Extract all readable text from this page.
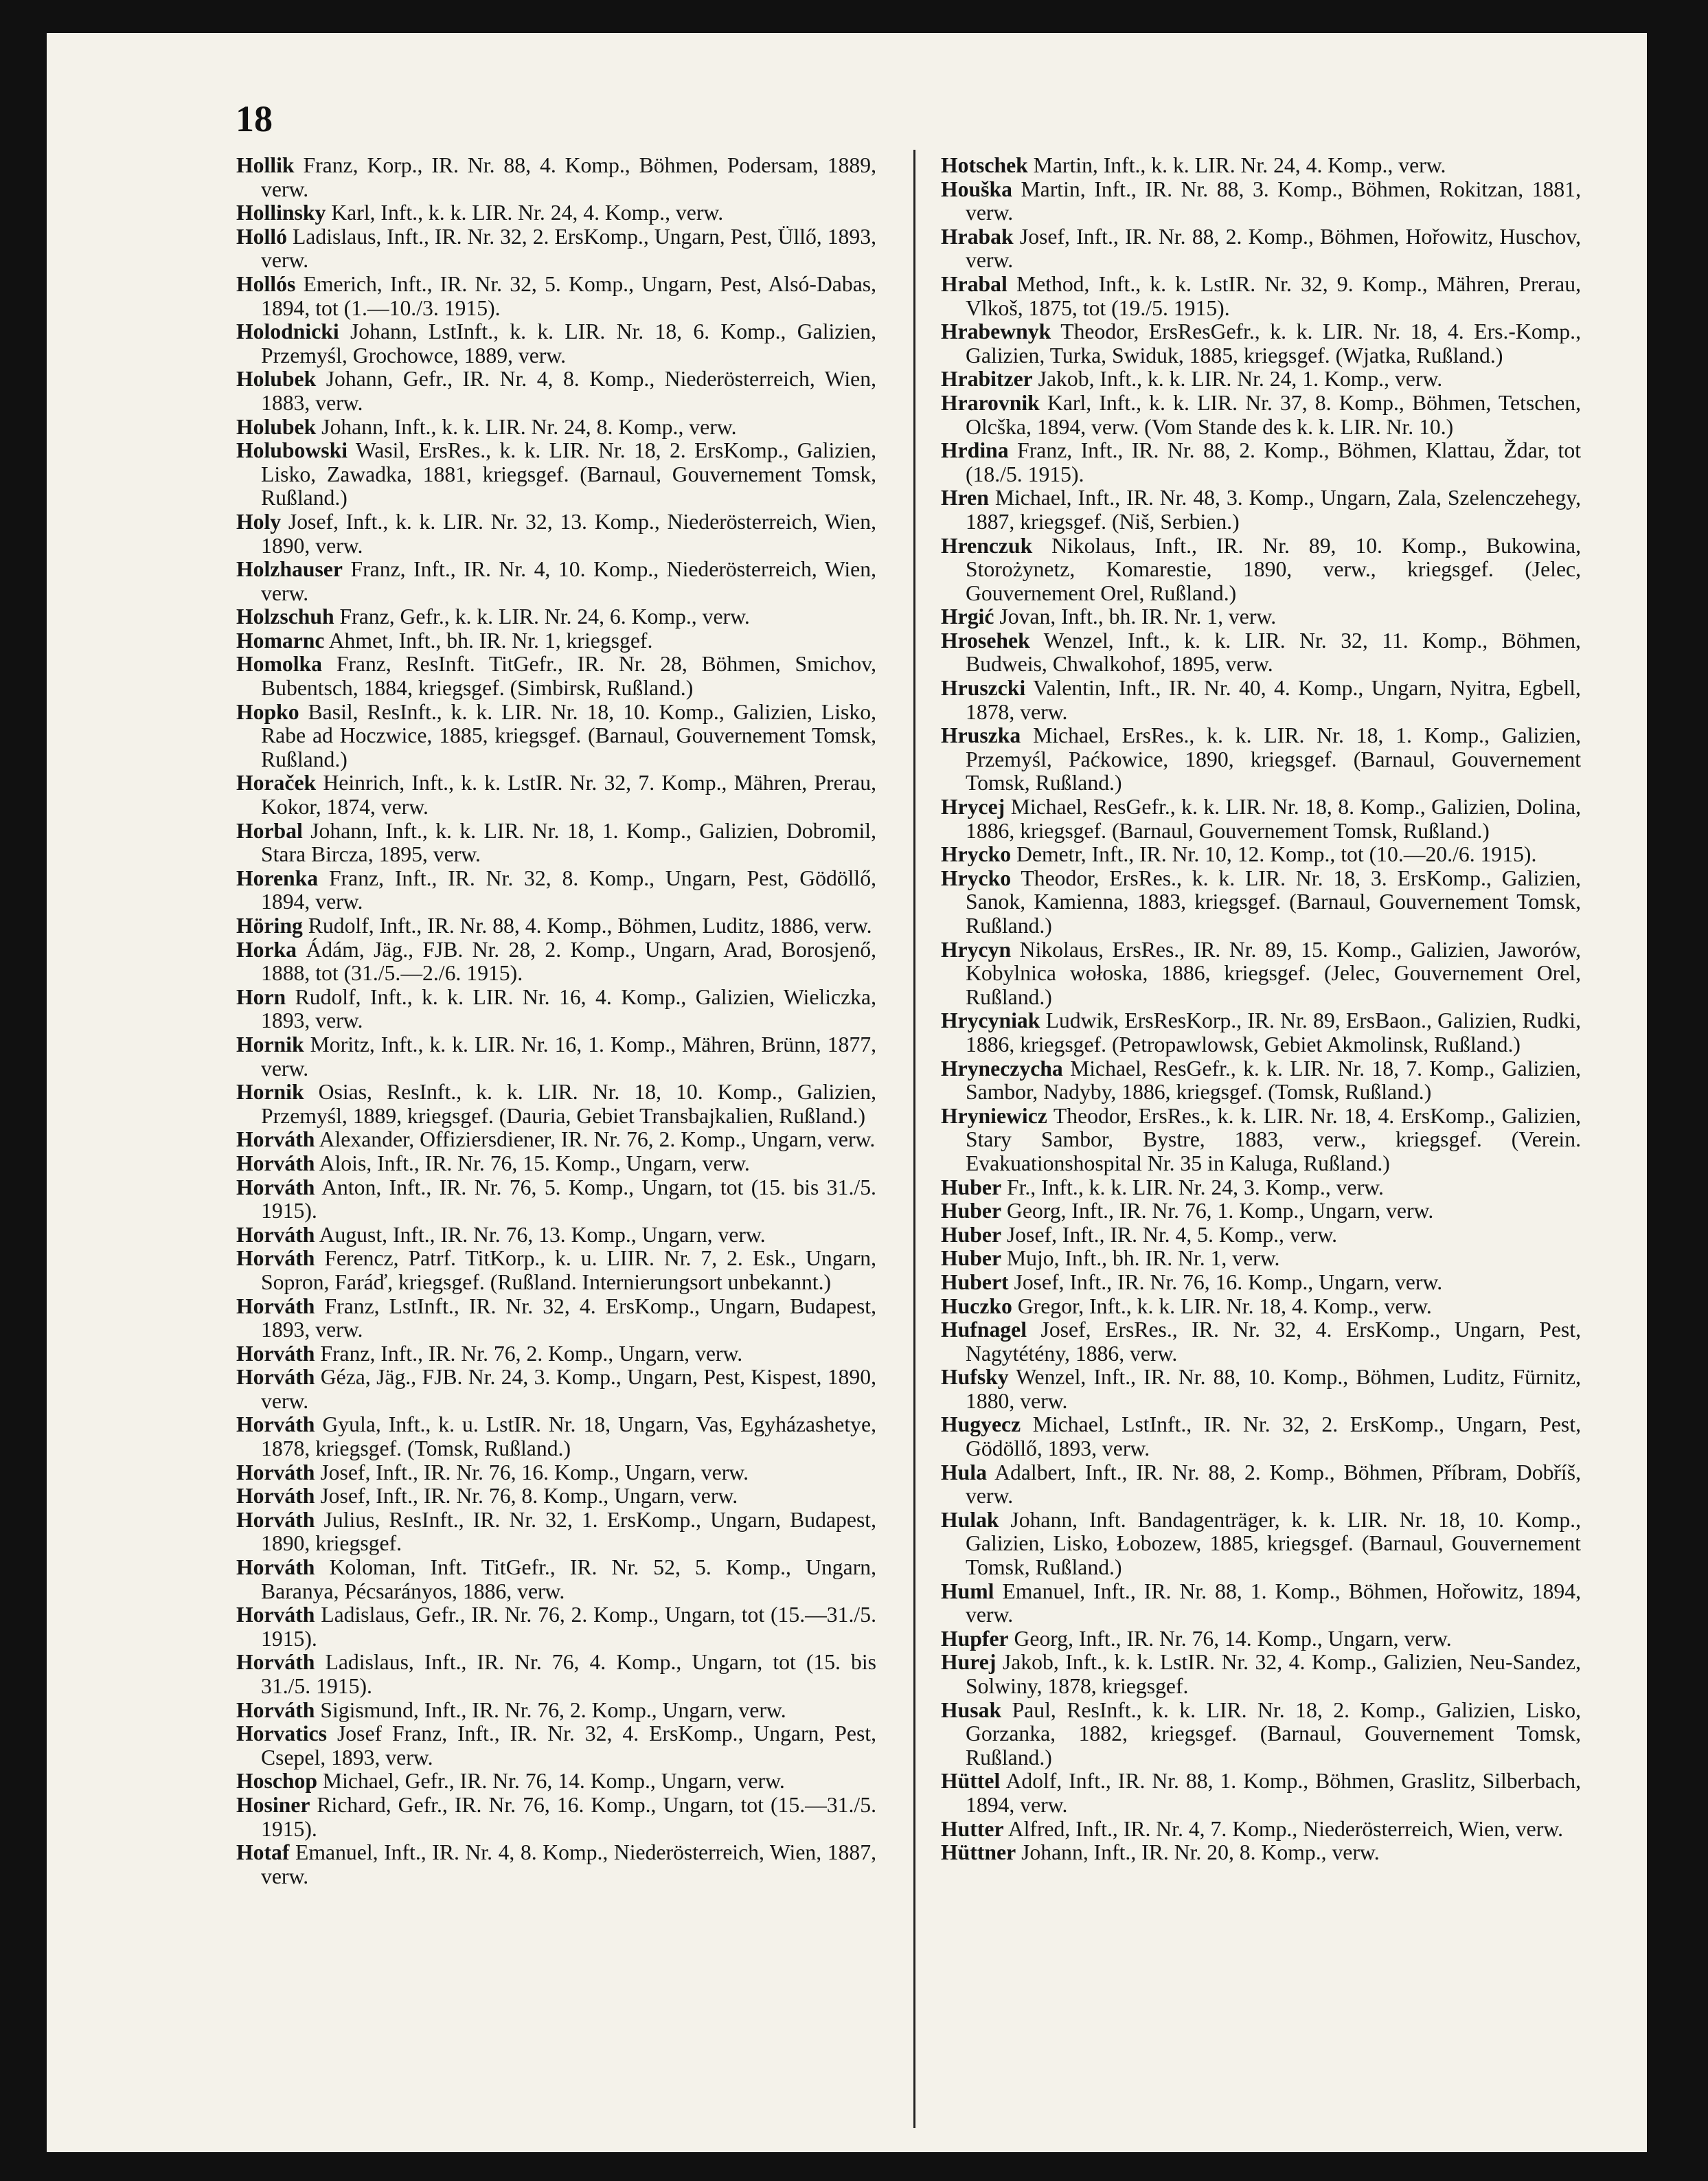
18

Hollik Franz, Korp., IR. Nr. 88, 4. Komp., Böhmen, Podersam, 1889, verw.

Hollinsky Karl, Inft., k. k. LIR. Nr. 24, 4. Komp., verw.

Holló Ladislaus, Inft., IR. Nr. 32, 2. ErsKomp., Ungarn, Pest, Üllő, 1893, verw.

Hollós Emerich, Inft., IR. Nr. 32, 5. Komp., Ungarn, Pest, Alsó-Dabas, 1894, tot (1.—10./3. 1915).

Holodnicki Johann, LstInft., k. k. LIR. Nr. 18, 6. Komp., Galizien, Przemyśl, Grochowce, 1889, verw.

Holubek Johann, Gefr., IR. Nr. 4, 8. Komp., Niederösterreich, Wien, 1883, verw.

Holubek Johann, Inft., k. k. LIR. Nr. 24, 8. Komp., verw.

Holubowski Wasil, ErsRes., k. k. LIR. Nr. 18, 2. ErsKomp., Galizien, Lisko, Zawadka, 1881, kriegsgef. (Barnaul, Gouvernement Tomsk, Rußland.)

Holy Josef, Inft., k. k. LIR. Nr. 32, 13. Komp., Niederösterreich, Wien, 1890, verw.

Holzhauser Franz, Inft., IR. Nr. 4, 10. Komp., Niederösterreich, Wien, verw.

Holzschuh Franz, Gefr., k. k. LIR. Nr. 24, 6. Komp., verw.

Homarnc Ahmet, Inft., bh. IR. Nr. 1, kriegsgef.

Homolka Franz, ResInft. TitGefr., IR. Nr. 28, Böhmen, Smichov, Bubentsch, 1884, kriegsgef. (Simbirsk, Rußland.)

Hopko Basil, ResInft., k. k. LIR. Nr. 18, 10. Komp., Galizien, Lisko, Rabe ad Hoczwice, 1885, kriegsgef. (Barnaul, Gouvernement Tomsk, Rußland.)

Horaček Heinrich, Inft., k. k. LstIR. Nr. 32, 7. Komp., Mähren, Prerau, Kokor, 1874, verw.

Horbal Johann, Inft., k. k. LIR. Nr. 18, 1. Komp., Galizien, Dobromil, Stara Bircza, 1895, verw.

Horenka Franz, Inft., IR. Nr. 32, 8. Komp., Ungarn, Pest, Gödöllő, 1894, verw.

Höring Rudolf, Inft., IR. Nr. 88, 4. Komp., Böhmen, Luditz, 1886, verw.

Horka Ádám, Jäg., FJB. Nr. 28, 2. Komp., Ungarn, Arad, Borosjenő, 1888, tot (31./5.—2./6. 1915).

Horn Rudolf, Inft., k. k. LIR. Nr. 16, 4. Komp., Galizien, Wieliczka, 1893, verw.

Hornik Moritz, Inft., k. k. LIR. Nr. 16, 1. Komp., Mähren, Brünn, 1877, verw.

Hornik Osias, ResInft., k. k. LIR. Nr. 18, 10. Komp., Galizien, Przemyśl, 1889, kriegsgef. (Dauria, Gebiet Transbajkalien, Rußland.)

Horváth Alexander, Offiziersdiener, IR. Nr. 76, 2. Komp., Ungarn, verw.

Horváth Alois, Inft., IR. Nr. 76, 15. Komp., Ungarn, verw.

Horváth Anton, Inft., IR. Nr. 76, 5. Komp., Ungarn, tot (15. bis 31./5. 1915).

Horváth August, Inft., IR. Nr. 76, 13. Komp., Ungarn, verw.

Horváth Ferencz, Patrf. TitKorp., k. u. LIIR. Nr. 7, 2. Esk., Ungarn, Sopron, Faráď, kriegsgef. (Rußland. Internierungsort unbekannt.)

Horváth Franz, LstInft., IR. Nr. 32, 4. ErsKomp., Ungarn, Budapest, 1893, verw.

Horváth Franz, Inft., IR. Nr. 76, 2. Komp., Ungarn, verw.

Horváth Géza, Jäg., FJB. Nr. 24, 3. Komp., Ungarn, Pest, Kispest, 1890, verw.

Horváth Gyula, Inft., k. u. LstIR. Nr. 18, Ungarn, Vas, Egyházashetye, 1878, kriegsgef. (Tomsk, Rußland.)

Horváth Josef, Inft., IR. Nr. 76, 16. Komp., Ungarn, verw.

Horváth Josef, Inft., IR. Nr. 76, 8. Komp., Ungarn, verw.

Horváth Julius, ResInft., IR. Nr. 32, 1. ErsKomp., Ungarn, Budapest, 1890, kriegsgef.

Horváth Koloman, Inft. TitGefr., IR. Nr. 52, 5. Komp., Ungarn, Baranya, Pécsarányos, 1886, verw.

Horváth Ladislaus, Gefr., IR. Nr. 76, 2. Komp., Ungarn, tot (15.—31./5. 1915).

Horváth Ladislaus, Inft., IR. Nr. 76, 4. Komp., Ungarn, tot (15. bis 31./5. 1915).

Horváth Sigismund, Inft., IR. Nr. 76, 2. Komp., Ungarn, verw.

Horvatics Josef Franz, Inft., IR. Nr. 32, 4. ErsKomp., Ungarn, Pest, Csepel, 1893, verw.

Hoschop Michael, Gefr., IR. Nr. 76, 14. Komp., Ungarn, verw.

Hosiner Richard, Gefr., IR. Nr. 76, 16. Komp., Ungarn, tot (15.—31./5. 1915).

Hotaf Emanuel, Inft., IR. Nr. 4, 8. Komp., Niederösterreich, Wien, 1887, verw.

Hotschek Martin, Inft., k. k. LIR. Nr. 24, 4. Komp., verw.

Houška Martin, Inft., IR. Nr. 88, 3. Komp., Böhmen, Rokitzan, 1881, verw.

Hrabak Josef, Inft., IR. Nr. 88, 2. Komp., Böhmen, Hořowitz, Huschov, verw.

Hrabal Method, Inft., k. k. LstIR. Nr. 32, 9. Komp., Mähren, Prerau, Vlkoš, 1875, tot (19./5. 1915).

Hrabewnyk Theodor, ErsResGefr., k. k. LIR. Nr. 18, 4. Ers.-Komp., Galizien, Turka, Swiduk, 1885, kriegsgef. (Wjatka, Rußland.)

Hrabitzer Jakob, Inft., k. k. LIR. Nr. 24, 1. Komp., verw.

Hrarovnik Karl, Inft., k. k. LIR. Nr. 37, 8. Komp., Böhmen, Tetschen, Olcška, 1894, verw. (Vom Stande des k. k. LIR. Nr. 10.)

Hrdina Franz, Inft., IR. Nr. 88, 2. Komp., Böhmen, Klattau, Ždar, tot (18./5. 1915).

Hren Michael, Inft., IR. Nr. 48, 3. Komp., Ungarn, Zala, Szelenczehegy, 1887, kriegsgef. (Niš, Serbien.)

Hrenczuk Nikolaus, Inft., IR. Nr. 89, 10. Komp., Bukowina, Storożynetz, Komarestie, 1890, verw., kriegsgef. (Jelec, Gouvernement Orel, Rußland.)

Hrgić Jovan, Inft., bh. IR. Nr. 1, verw.

Hrosehek Wenzel, Inft., k. k. LIR. Nr. 32, 11. Komp., Böhmen, Budweis, Chwalkohof, 1895, verw.

Hruszcki Valentin, Inft., IR. Nr. 40, 4. Komp., Ungarn, Nyitra, Egbell, 1878, verw.

Hruszka Michael, ErsRes., k. k. LIR. Nr. 18, 1. Komp., Galizien, Przemyśl, Paćkowice, 1890, kriegsgef. (Barnaul, Gouvernement Tomsk, Rußland.)

Hrycej Michael, ResGefr., k. k. LIR. Nr. 18, 8. Komp., Galizien, Dolina, 1886, kriegsgef. (Barnaul, Gouvernement Tomsk, Rußland.)

Hrycko Demetr, Inft., IR. Nr. 10, 12. Komp., tot (10.—20./6. 1915).

Hrycko Theodor, ErsRes., k. k. LIR. Nr. 18, 3. ErsKomp., Galizien, Sanok, Kamienna, 1883, kriegsgef. (Barnaul, Gouvernement Tomsk, Rußland.)

Hrycyn Nikolaus, ErsRes., IR. Nr. 89, 15. Komp., Galizien, Jaworów, Kobylnica wołoska, 1886, kriegsgef. (Jelec, Gouvernement Orel, Rußland.)

Hrycyniak Ludwik, ErsResKorp., IR. Nr. 89, ErsBaon., Galizien, Rudki, 1886, kriegsgef. (Petropawlowsk, Gebiet Akmolinsk, Rußland.)

Hryneczycha Michael, ResGefr., k. k. LIR. Nr. 18, 7. Komp., Galizien, Sambor, Nadyby, 1886, kriegsgef. (Tomsk, Rußland.)

Hryniewicz Theodor, ErsRes., k. k. LIR. Nr. 18, 4. ErsKomp., Galizien, Stary Sambor, Bystre, 1883, verw., kriegsgef. (Verein. Evakuationshospital Nr. 35 in Kaluga, Rußland.)

Huber Fr., Inft., k. k. LIR. Nr. 24, 3. Komp., verw.

Huber Georg, Inft., IR. Nr. 76, 1. Komp., Ungarn, verw.

Huber Josef, Inft., IR. Nr. 4, 5. Komp., verw.

Huber Mujo, Inft., bh. IR. Nr. 1, verw.

Hubert Josef, Inft., IR. Nr. 76, 16. Komp., Ungarn, verw.

Huczko Gregor, Inft., k. k. LIR. Nr. 18, 4. Komp., verw.

Hufnagel Josef, ErsRes., IR. Nr. 32, 4. ErsKomp., Ungarn, Pest, Nagytétény, 1886, verw.

Hufsky Wenzel, Inft., IR. Nr. 88, 10. Komp., Böhmen, Luditz, Fürnitz, 1880, verw.

Hugyecz Michael, LstInft., IR. Nr. 32, 2. ErsKomp., Ungarn, Pest, Gödöllő, 1893, verw.

Hula Adalbert, Inft., IR. Nr. 88, 2. Komp., Böhmen, Příbram, Dobříš, verw.

Hulak Johann, Inft. Bandagenträger, k. k. LIR. Nr. 18, 10. Komp., Galizien, Lisko, Łobozew, 1885, kriegsgef. (Barnaul, Gouvernement Tomsk, Rußland.)

Huml Emanuel, Inft., IR. Nr. 88, 1. Komp., Böhmen, Hořowitz, 1894, verw.

Hupfer Georg, Inft., IR. Nr. 76, 14. Komp., Ungarn, verw.

Hurej Jakob, Inft., k. k. LstIR. Nr. 32, 4. Komp., Galizien, Neu-Sandez, Solwiny, 1878, kriegsgef.

Husak Paul, ResInft., k. k. LIR. Nr. 18, 2. Komp., Galizien, Lisko, Gorzanka, 1882, kriegsgef. (Barnaul, Gouvernement Tomsk, Rußland.)

Hüttel Adolf, Inft., IR. Nr. 88, 1. Komp., Böhmen, Graslitz, Silberbach, 1894, verw.

Hutter Alfred, Inft., IR. Nr. 4, 7. Komp., Niederösterreich, Wien, verw.

Hüttner Johann, Inft., IR. Nr. 20, 8. Komp., verw.
